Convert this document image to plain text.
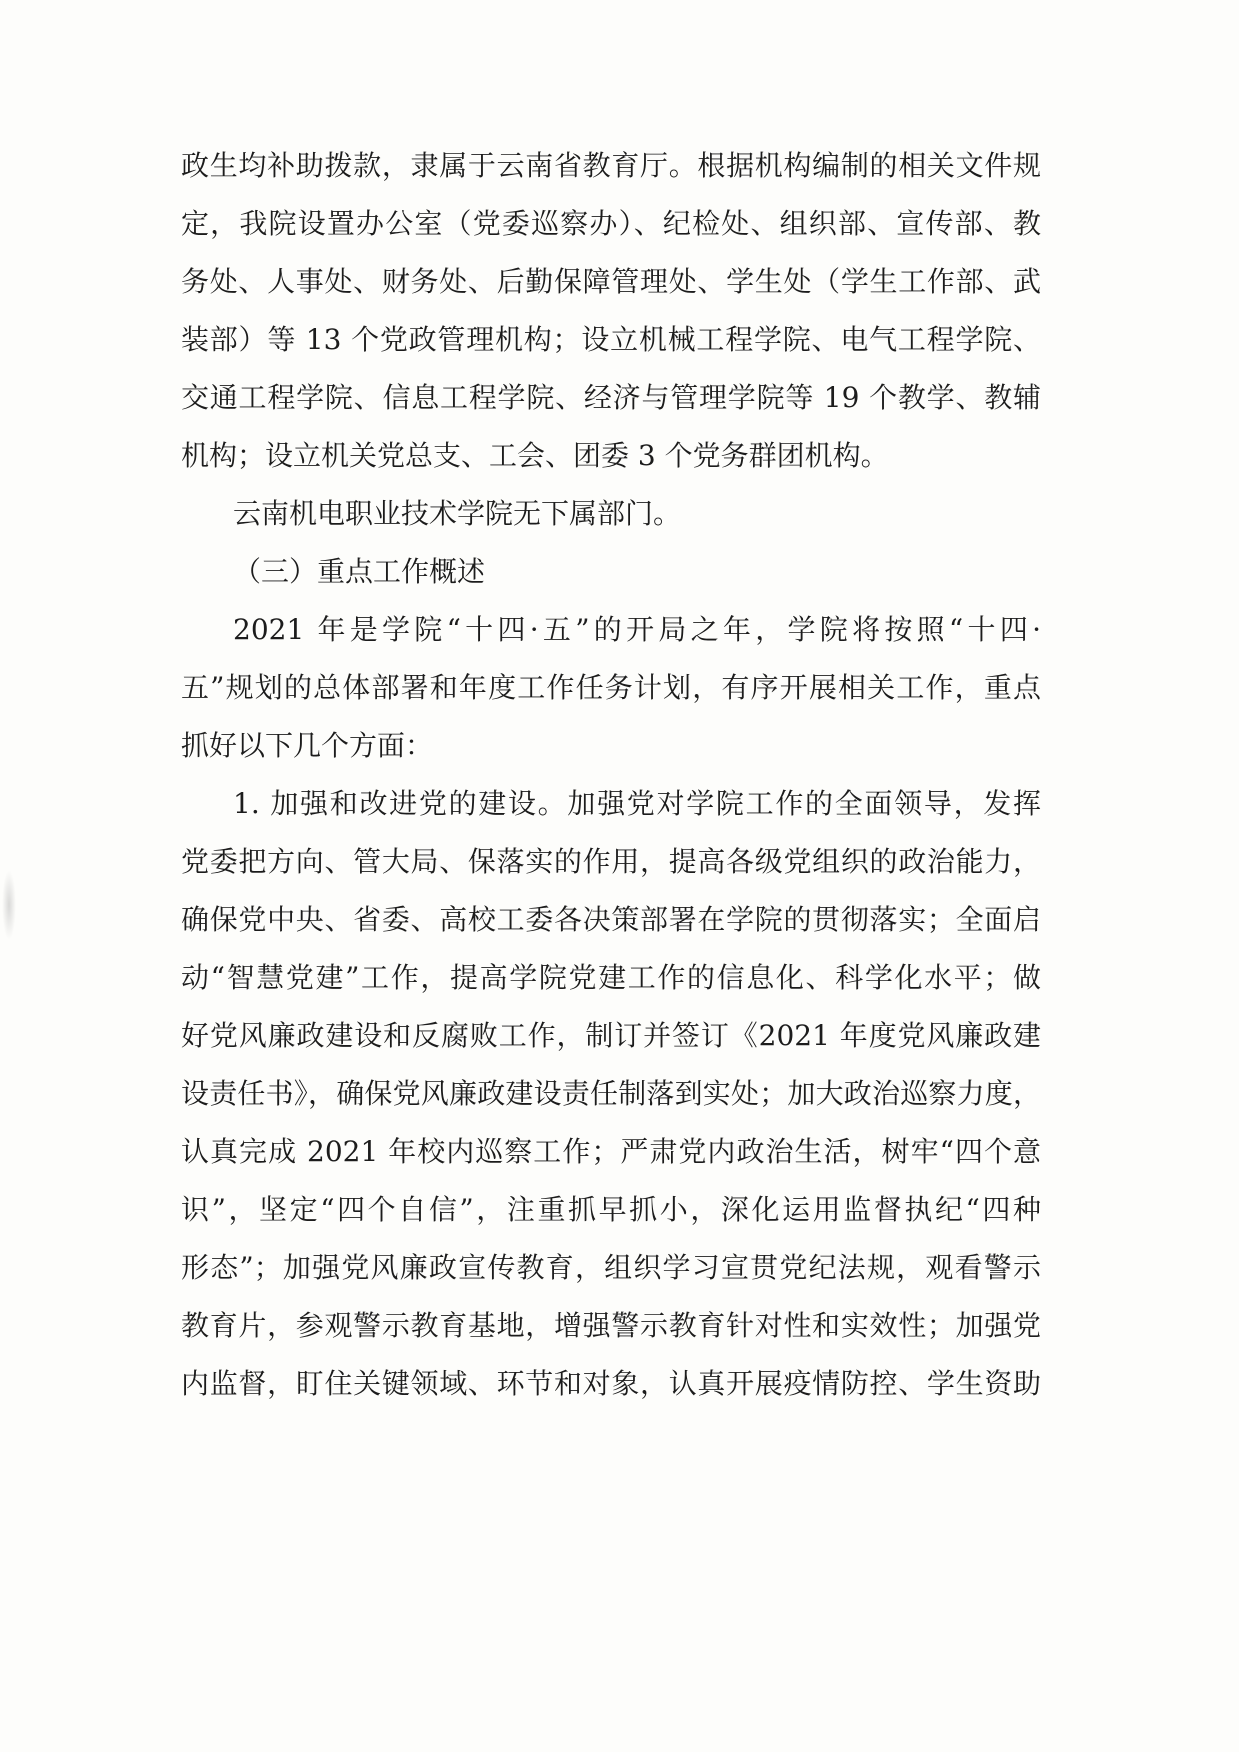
政生均补助拨款，隶属于云南省教育厅。根据机构编制的相关文件规
定，我院设置办公室（党委巡察办）、纪检处、组织部、宣传部、教
务处、人事处、财务处、后勤保障管理处、学生处（学生工作部、武
装部）等 13 个党政管理机构；设立机械工程学院、电气工程学院、
交通工程学院、信息工程学院、经济与管理学院等 19 个教学、教辅
机构；设立机关党总支、工会、团委 3 个党务群团机构。
云南机电职业技术学院无下属部门。
（三）重点工作概述
2021 年是学院“十四·五”的开局之年，学院将按照“十四·
五”规划的总体部署和年度工作任务计划，有序开展相关工作，重点
抓好以下几个方面：
1. 加强和改进党的建设。加强党对学院工作的全面领导，发挥
党委把方向、管大局、保落实的作用，提高各级党组织的政治能力，
确保党中央、省委、高校工委各决策部署在学院的贯彻落实；全面启
动“智慧党建”工作，提高学院党建工作的信息化、科学化水平；做
好党风廉政建设和反腐败工作，制订并签订《2021 年度党风廉政建
设责任书》，确保党风廉政建设责任制落到实处；加大政治巡察力度，
认真完成 2021 年校内巡察工作；严肃党内政治生活，树牢“四个意
识”，坚定“四个自信”，注重抓早抓小，深化运用监督执纪“四种
形态”；加强党风廉政宣传教育，组织学习宣贯党纪法规，观看警示
教育片，参观警示教育基地，增强警示教育针对性和实效性；加强党
内监督，盯住关键领域、环节和对象，认真开展疫情防控、学生资助
